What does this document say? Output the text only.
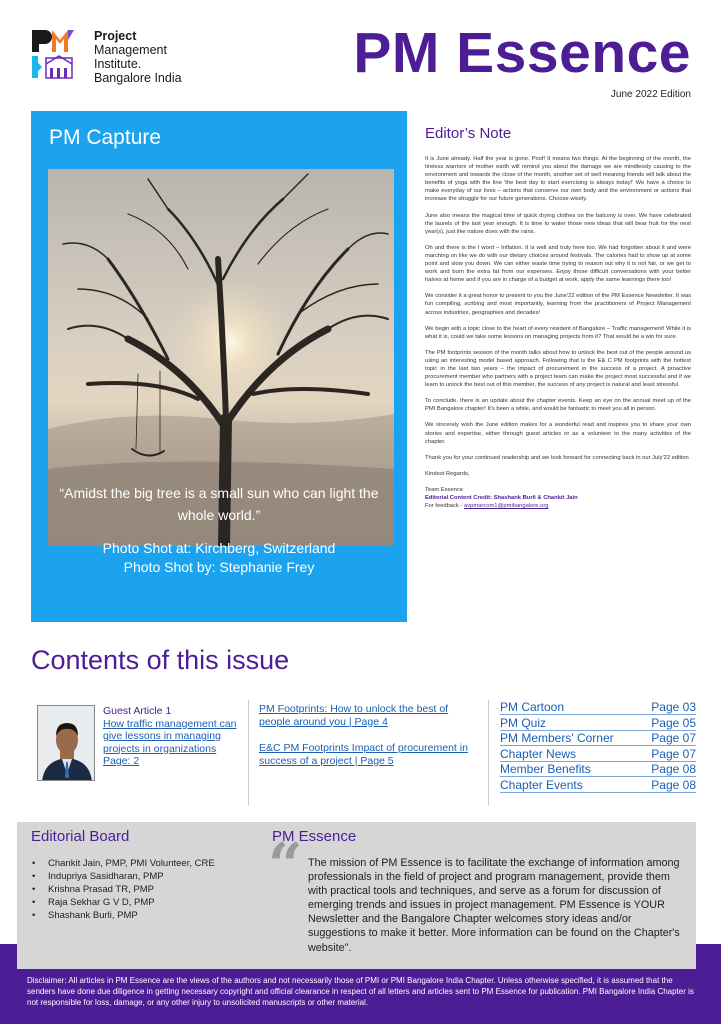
Project
Management
Institute.
Bangalore India	PM Essence
June 2022 Edition
PM Capture
“Amidst the big tree is a small sun who can light the whole world.”
Photo Shot at: Kirchberg, Switzerland
Photo Shot by: Stephanie Frey
Editor’s Note

It is June already. Half the year is gone. Poof! It means two things. At the beginning of the month, the tireless warriors of mother earth will remind you about the damage we are mindlessly causing to the environment and towards the close of the month, another set of well meaning friends will talk about the benefits of yoga with the line 'the best day to start exercising is always today!' We have a choice to make everyday of our lives – actions that conserve our own body and the environment or actions that increase the struggle for our future generations. Choose wisely.

June also means the magical time of quick drying clothes on the balcony is over. We have celebrated the laurels of the last year enough. It is time to water those new ideas that will bear fruit for the next year(s), just like nature does with the rains.

Oh and there is the I word – Inflation. It is well and truly here too. We had forgotten about it and were marching on like we do with our dietary choices around festivals. The calories had to show up at some point and slow you down. We can either waste time trying to reason out why it is not fair, or we get to work and burn the extra fat from our expenses. Enjoy those difficult conversations with your better halves at home and if you are in charge of a budget at work, apply the same learnings there too!

We consider it a great honor to present to you the June'22 edition of the PM Essence Newsletter. It was fun compiling, scribing and most importantly, learning from the practitioners of Project Management across industries, geographies and decades!

We begin with a topic close to the heart of every resident of Bangalore – Traffic management! While it is what it is, could we take some lessons on managing projects from it? That would be a win for sure.

The PM footprints session of the month talks about how to unlock the best out of the people around us using an interesting model based approach. Following that is the E& C PM footprints with the hottest topic in the last two years – the impact of procurement in the success of a project. A proactive procurement member who partners with a project team can make the project most successful and if we learn to unlock the best out of this member, the success of any project is natural and least stressful.

To conclude, there is an update about the chapter events. Keep an eye on the annual meet up of the PMI Bangalore chapter! It's been a while, and would be fantastic to meet you all in person.

We sincerely wish the June edition makes for a wonderful read and inspires you to share your own stories and expertise, either through guest articles or as a volunteer to the many activities of the chapter.

Thank you for your continued readership and we look forward for connecting back in our July'22 edition

Kindest Regards,

Team Essence
Editorial Content Credit: Shashank Burli & Chankit Jain
For feedback - avpmarcom1@pmibangalore.org
Contents of this issue
Guest Article 1
How traffic management can give lessons in managing projects in organizations
Page: 2
PM Footprints: How to unlock the best of people around you | Page 4
E&C PM Footprints Impact of procurement in success of a project | Page 5
PM Cartoon	Page 03
PM Quiz	Page 05
PM Members' Corner	Page 07
Chapter News	Page 07
Member Benefits	Page 08
Chapter Events	Page 08
Editorial Board
• Chankit Jain, PMP, PMI Volunteer, CRE
• Indupriya Sasidharan, PMP
• Krishna Prasad TR, PMP
• Raja Sekhar G V D, PMP
• Shashank Burli, PMP
PM Essence
“ The mission of PM Essence is to facilitate the exchange of information among professionals in the field of project and program management, provide them with practical tools and techniques, and serve as a forum for discussion of emerging trends and issues in project management. PM Essence is YOUR Newsletter and the Bangalore Chapter welcomes story ideas and/or suggestions to make it better. More information can be found on the Chapter's website".
Disclaimer: All articles in PM Essence are the views of the authors and not necessarily those of PMI or PMI Bangalore India Chapter. Unless otherwise specified, it is assumed that the senders have done due diligence in getting necessary copyright and official clearance in respect of all letters and articles sent to PM Essence for publication. PMI Bangalore India Chapter is not responsible for loss, damage, or any other injury to unsolicited manuscripts or other material.
